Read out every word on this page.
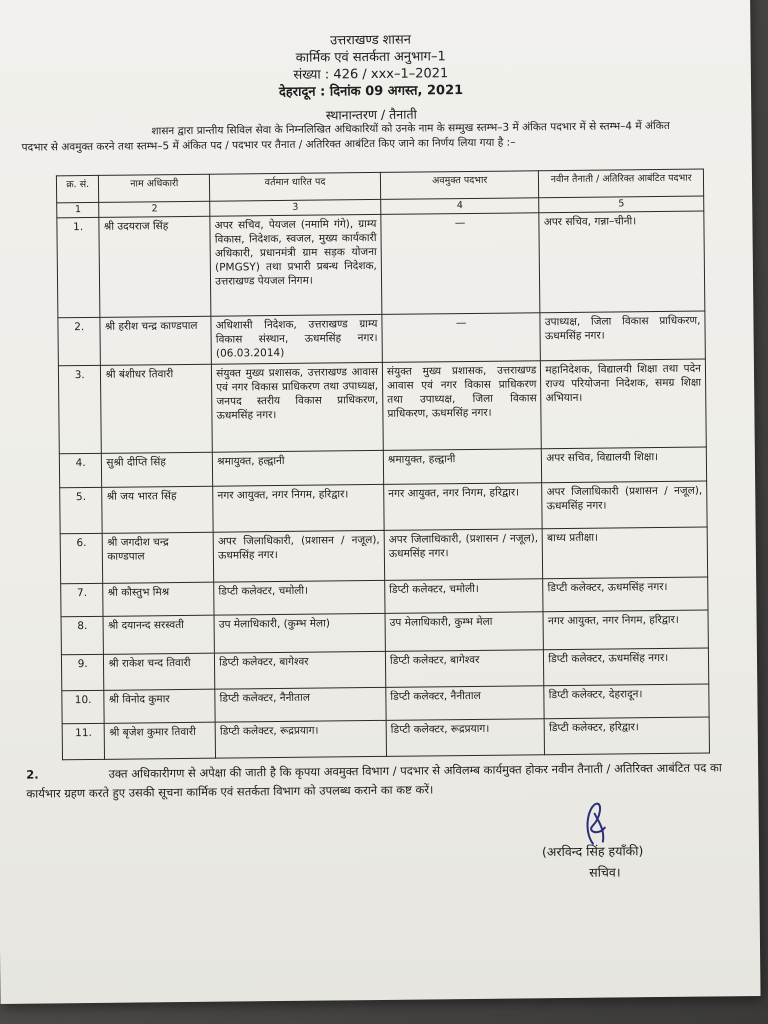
उत्तराखण्ड शासन
कार्मिक एवं सतर्कता अनुभाग–1
संख्या : 426 / xxx–1–2021
देहरादून : दिनांक 09 अगस्त, 2021
स्थानान्तरण / तैनाती
शासन द्वारा प्रान्तीय सिविल सेवा के निम्नलिखित अधिकारियों को उनके नाम के सम्मुख स्तम्भ–3 में अंकित पदभार में से स्तम्भ–4 में अंकित पदभार से अवमुक्त करने तथा स्तम्भ–5 में अंकित पद / पदभार पर तैनात / अतिरिक्त आबंटित किए जाने का निर्णय लिया गया है :–
क्र. सं.	नाम अधिकारी	वर्तमान धारित पद	अवमुक्त पदभार	नवीन तैनाती / अतिरिक्त आबंटित पदभार
1	2	3	4	5
1.	श्री उदयराज सिंह	अपर सचिव, पेयजल (नमामि गंगे), ग्राम्य विकास, निदेशक, स्वजल, मुख्य कार्यकारी अधिकारी, प्रधानमंत्री ग्राम सड़क योजना (PMGSY) तथा प्रभारी प्रबन्ध निदेशक, उत्तराखण्ड पेयजल निगम।	—	अपर सचिव, गन्ना–चीनी।
2.	श्री हरीश चन्द्र काण्डपाल	अधिशासी निदेशक, उत्तराखण्ड ग्राम्य विकास संस्थान, ऊधमसिंह नगर। (06.03.2014)	—	उपाध्यक्ष, जिला विकास प्राधिकरण, ऊधमसिंह नगर।
3.	श्री बंशीधर तिवारी	संयुक्त मुख्य प्रशासक, उत्तराखण्ड आवास एवं नगर विकास प्राधिकरण तथा उपाध्यक्ष, जनपद स्तरीय विकास प्राधिकरण, ऊधमसिंह नगर।	संयुक्त मुख्य प्रशासक, उत्तराखण्ड आवास एवं नगर विकास प्राधिकरण तथा उपाध्यक्ष, जिला विकास प्राधिकरण, ऊधमसिंह नगर।	महानिदेशक, विद्यालयी शिक्षा तथा पदेन राज्य परियोजना निदेशक, समग्र शिक्षा अभियान।
4.	सुश्री दीप्ति सिंह	श्रमायुक्त, हल्द्वानी	श्रमायुक्त, हल्द्वानी	अपर सचिव, विद्यालयी शिक्षा।
5.	श्री जय भारत सिंह	नगर आयुक्त, नगर निगम, हरिद्वार।	नगर आयुक्त, नगर निगम, हरिद्वार।	अपर जिलाधिकारी (प्रशासन / नजूल), ऊधमसिंह नगर।
6.	श्री जगदीश चन्द्र काण्डपाल	अपर जिलाधिकारी, (प्रशासन / नजूल), ऊधमसिंह नगर।	अपर जिलाधिकारी, (प्रशासन / नजूल), ऊधमसिंह नगर।	बाध्य प्रतीक्षा।
7.	श्री कौस्तुभ मिश्र	डिप्टी कलेक्टर, चमोली।	डिप्टी कलेक्टर, चमोली।	डिप्टी कलेक्टर, ऊधमसिंह नगर।
8.	श्री दयानन्द सरस्वती	उप मेलाधिकारी, (कुम्भ मेला)	उप मेलाधिकारी, कुम्भ मेला	नगर आयुक्त, नगर निगम, हरिद्वार।
9.	श्री राकेश चन्द तिवारी	डिप्टी कलेक्टर, बागेश्वर	डिप्टी कलेक्टर, बागेश्वर	डिप्टी कलेक्टर, ऊधमसिंह नगर।
10.	श्री विनोद कुमार	डिप्टी कलेक्टर, नैनीताल	डिप्टी कलेक्टर, नैनीताल	डिप्टी कलेक्टर, देहरादून।
11.	श्री बृजेश कुमार तिवारी	डिप्टी कलेक्टर, रूद्रप्रयाग।	डिप्टी कलेक्टर, रूद्रप्रयाग।	डिप्टी कलेक्टर, हरिद्वार।
2.	उक्त अधिकारीगण से अपेक्षा की जाती है कि कृपया अवमुक्त विभाग / पदभार से अविलम्ब कार्यमुक्त होकर नवीन तैनाती / अतिरिक्त आबंटित पद का कार्यभार ग्रहण करते हुए उसकी सूचना कार्मिक एवं सतर्कता विभाग को उपलब्ध कराने का कष्ट करें।
(अरविन्द सिंह हयाँकी)
सचिव।
